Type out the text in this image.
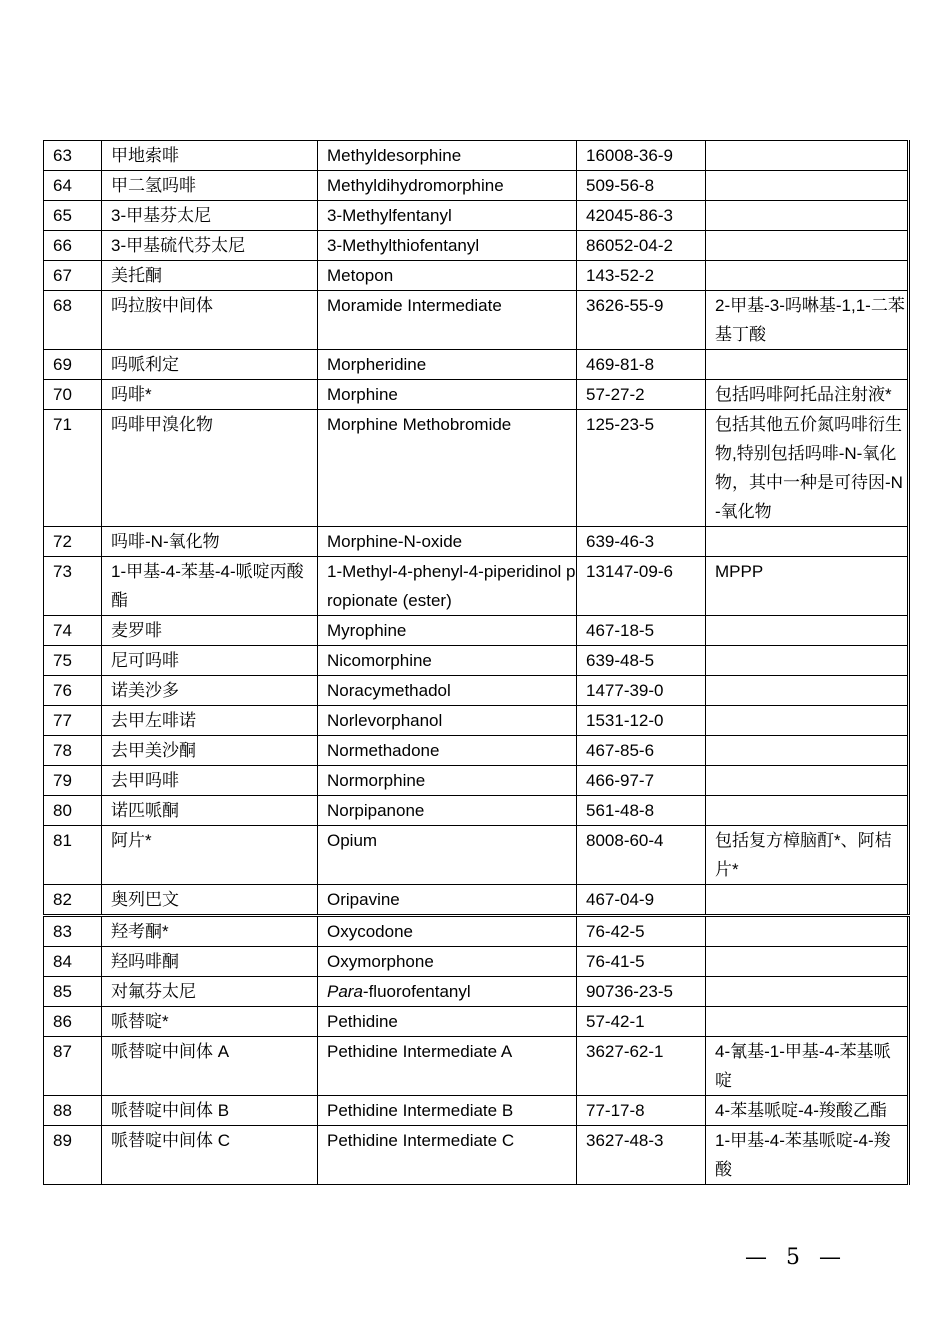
63	甲地索啡	Methyldesorphine	16008-36-9	
64	甲二氢吗啡	Methyldihydromorphine	509-56-8	
65	3-甲基芬太尼	3-Methylfentanyl	42045-86-3	
66	3-甲基硫代芬太尼	3-Methylthiofentanyl	86052-04-2	
67	美托酮	Metopon	143-52-2	
68	吗拉胺中间体	Moramide Intermediate	3626-55-9	2-甲基-3-吗啉基-1,1-二苯基丁酸
69	吗哌利定	Morpheridine	469-81-8	
70	吗啡*	Morphine	57-27-2	包括吗啡阿托品注射液*
71	吗啡甲溴化物	Morphine Methobromide	125-23-5	包括其他五价氮吗啡衍生物,特别包括吗啡-N-氧化物，其中一种是可待因-N-氧化物
72	吗啡-N-氧化物	Morphine-N-oxide	639-46-3	
73	1-甲基-4-苯基-4-哌啶丙酸酯	1-Methyl-4-phenyl-4-piperidinol propionate (ester)	13147-09-6	MPPP
74	麦罗啡	Myrophine	467-18-5	
75	尼可吗啡	Nicomorphine	639-48-5	
76	诺美沙多	Noracymethadol	1477-39-0	
77	去甲左啡诺	Norlevorphanol	1531-12-0	
78	去甲美沙酮	Normethadone	467-85-6	
79	去甲吗啡	Normorphine	466-97-7	
80	诺匹哌酮	Norpipanone	561-48-8	
81	阿片*	Opium	8008-60-4	包括复方樟脑酊*、阿桔片*
82	奥列巴文	Oripavine	467-04-9	
83	羟考酮*	Oxycodone	76-42-5	
84	羟吗啡酮	Oxymorphone	76-41-5	
85	对氟芬太尼	Para-fluorofentanyl	90736-23-5	
86	哌替啶*	Pethidine	57-42-1	
87	哌替啶中间体 A	Pethidine Intermediate A	3627-62-1	4-氰基-1-甲基-4-苯基哌啶
88	哌替啶中间体 B	Pethidine Intermediate B	77-17-8	4-苯基哌啶-4-羧酸乙酯
89	哌替啶中间体 C	Pethidine Intermediate C	3627-48-3	1-甲基-4-苯基哌啶-4-羧酸
— 5 —
